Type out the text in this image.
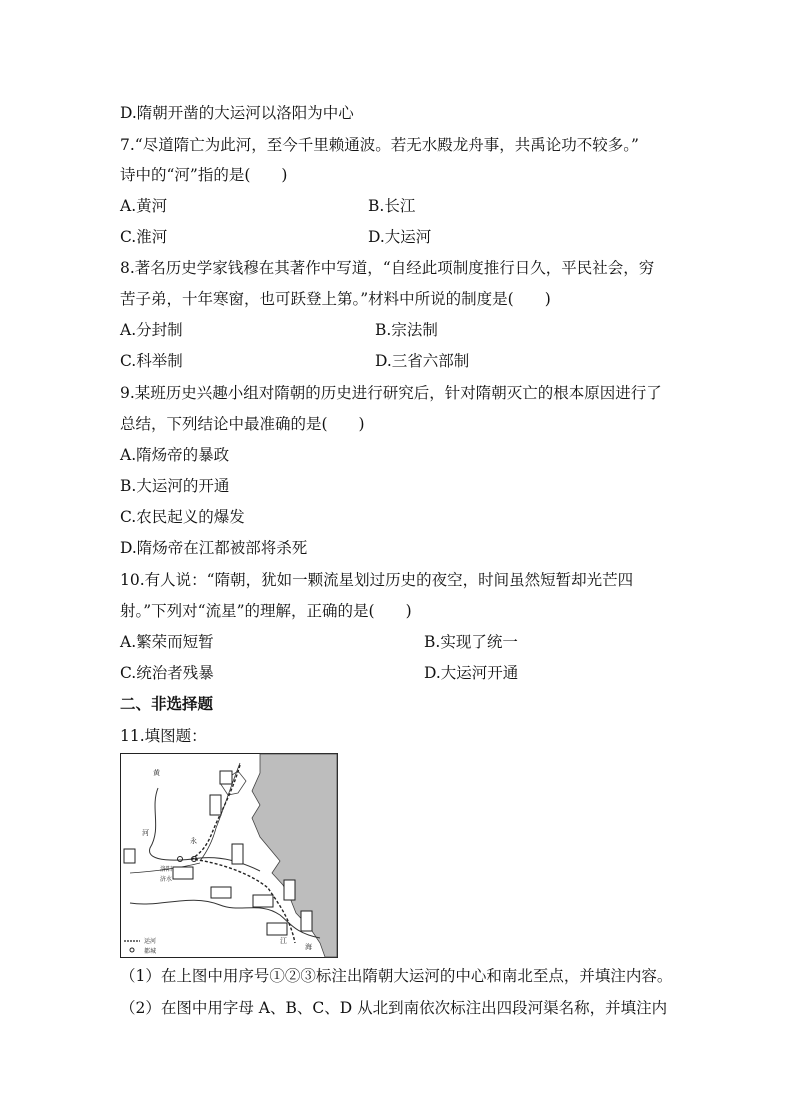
D.隋朝开凿的大运河以洛阳为中心
7.“尽道隋亡为此河，至今千里赖通波。若无水殿龙舟事，共禹论功不较多。”
诗中的“河”指的是(　　)
A.黄河	B.长江
C.淮河	D.大运河
8.著名历史学家钱穆在其著作中写道，“自经此项制度推行日久，平民社会，穷
苦子弟，十年寒窗，也可跃登上第。”材料中所说的制度是(　　)
A.分封制	B.宗法制
C.科举制	D.三省六部制
9.某班历史兴趣小组对隋朝的历史进行研究后，针对隋朝灭亡的根本原因进行了
总结，下列结论中最准确的是(　　)
A.隋炀帝的暴政
B.大运河的开通
C.农民起义的爆发
D.隋炀帝在江都被部将杀死
10.有人说：“隋朝，犹如一颗流星划过历史的夜空，时间虽然短暂却光芒四
射。”下列对“流星”的理解，正确的是(　　)
A.繁荣而短暂	B.实现了统一
C.统治者残暴	D.大运河开通
二、非选择题
11.填图题：
黄
河
永
洛阳
济水
江
海
运河
都城
（1）在上图中用序号①②③标注出隋朝大运河的中心和南北至点，并填注内容。
（2）在图中用字母 A、B、C、D 从北到南依次标注出四段河渠名称，并填注内
